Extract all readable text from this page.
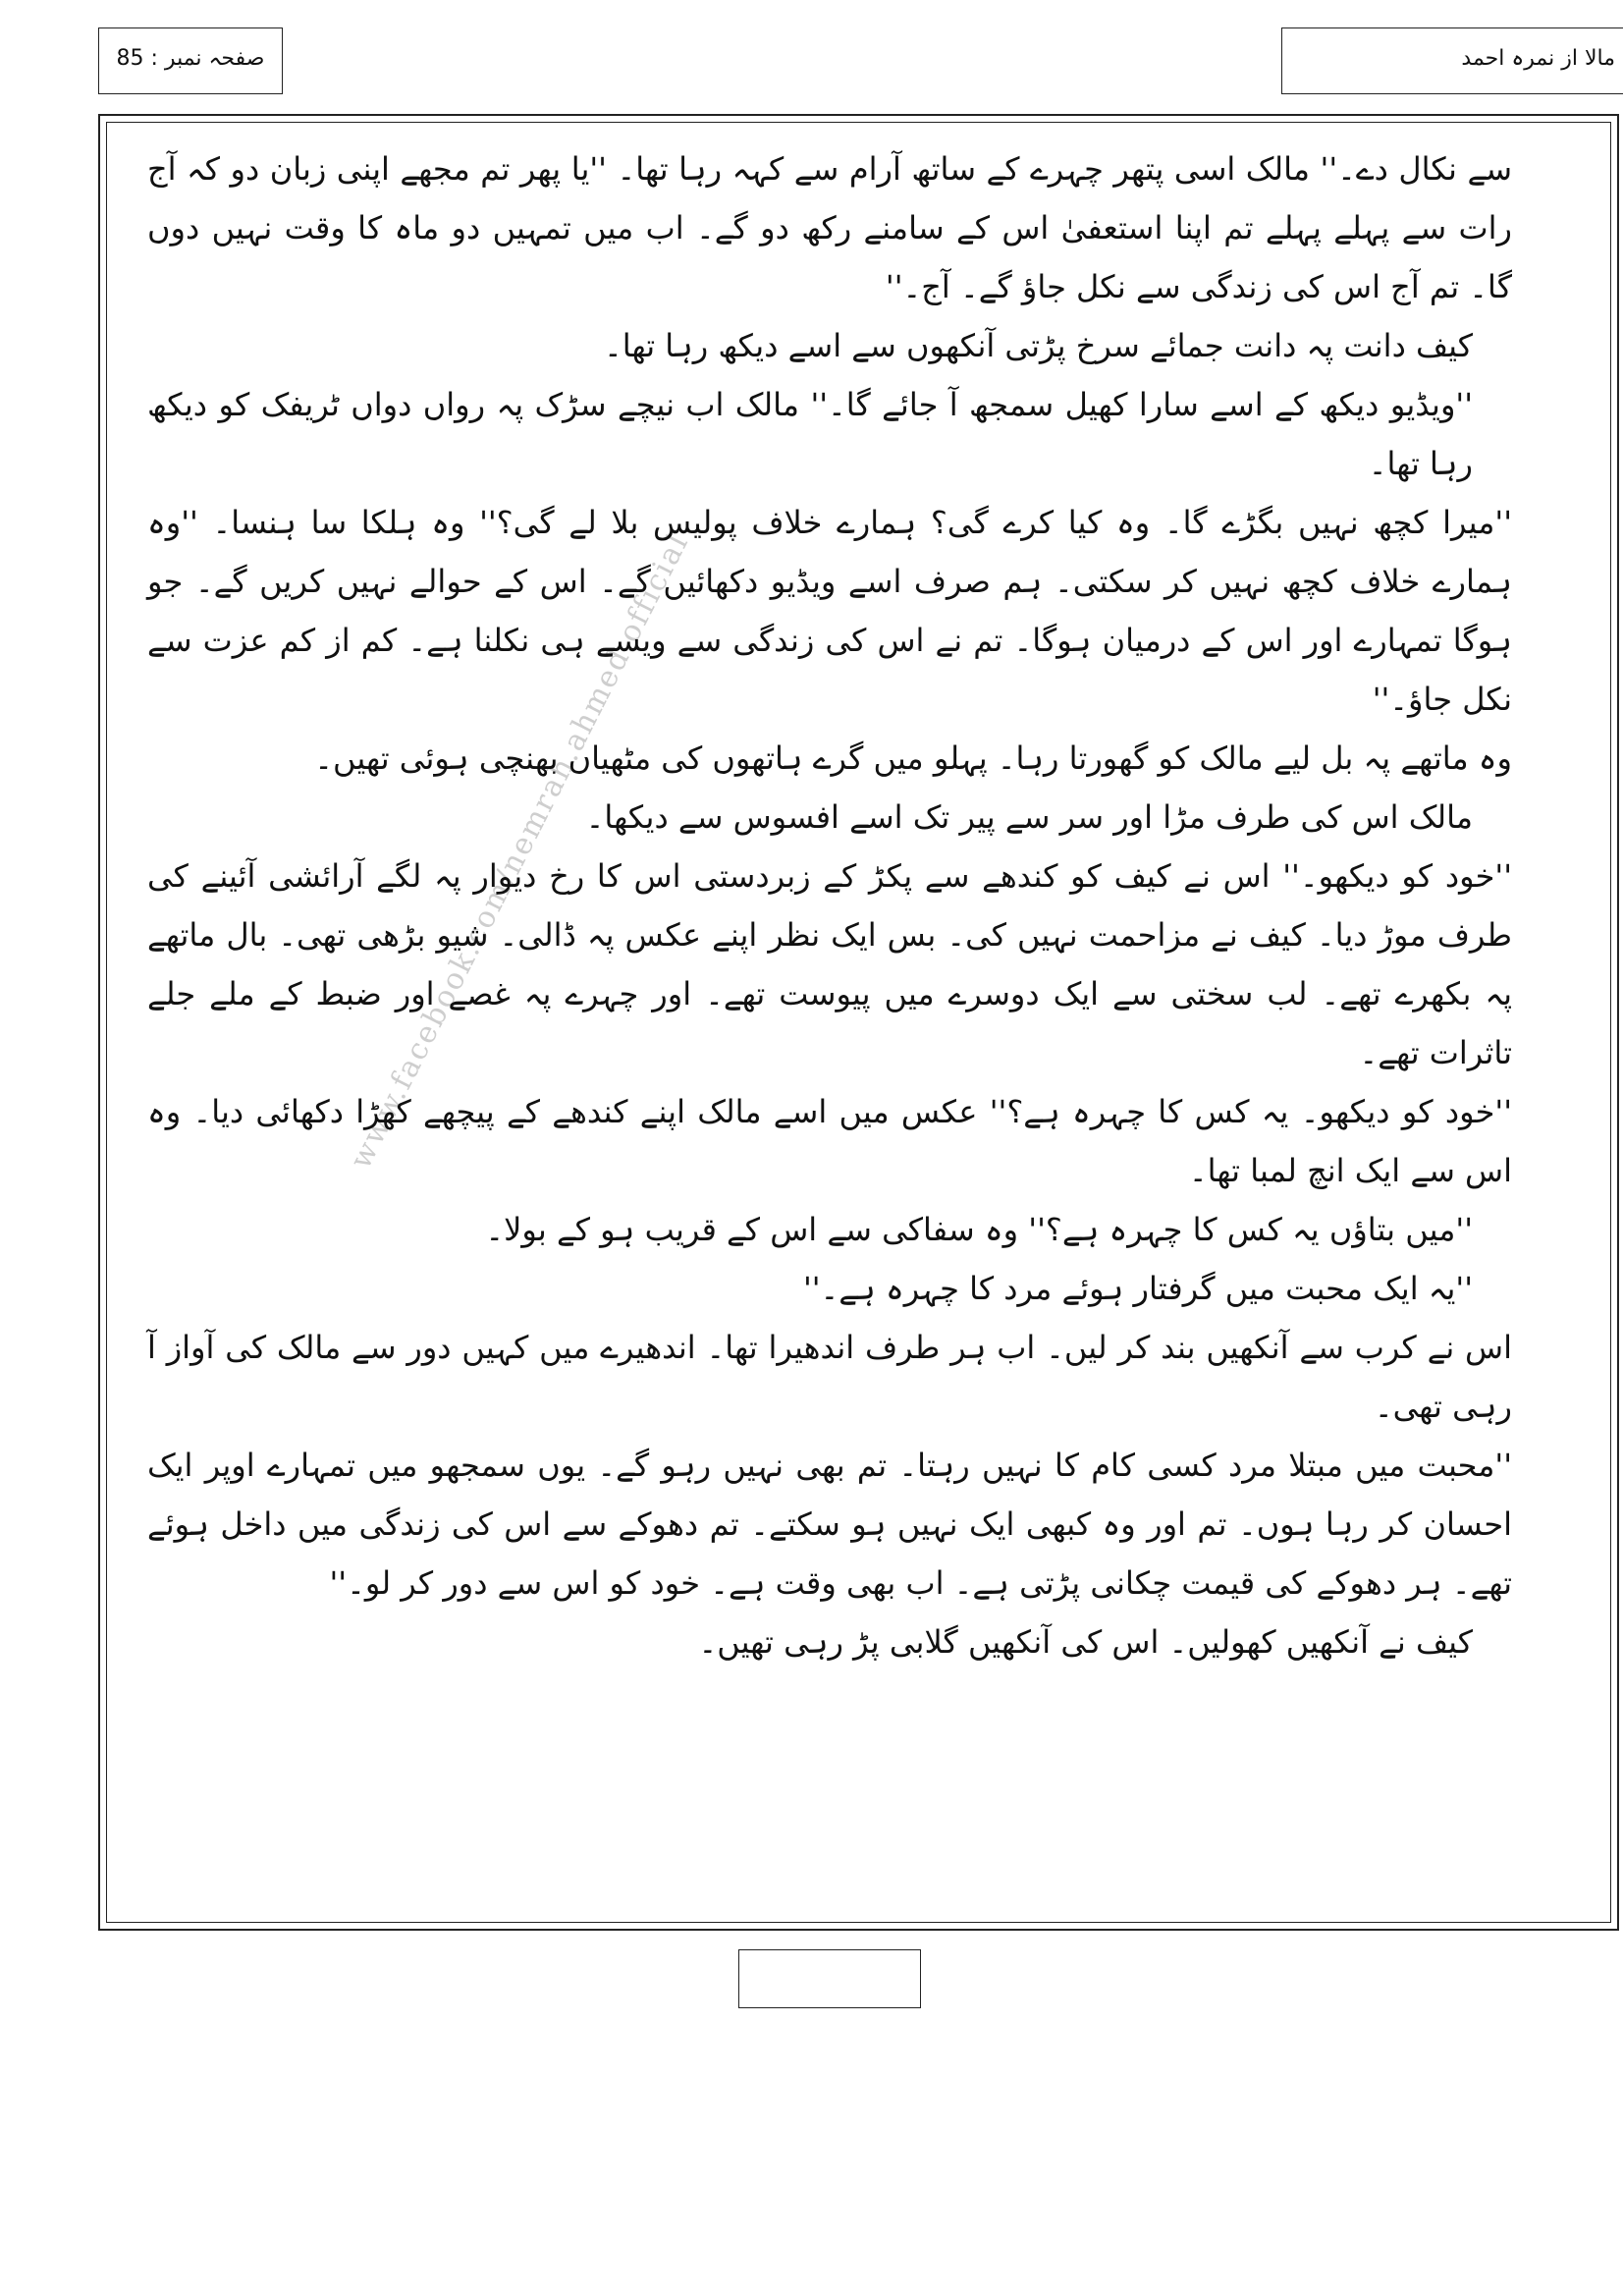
صفحہ نمبر : 85	مالا از نمرہ احمد
www.facebook.com/nemrah.ahmed.official

سے نکال دے۔'' مالک اسی پتھر چہرے کے ساتھ آرام سے کہہ رہا تھا۔ ''یا پھر تم مجھے اپنی زبان دو کہ آج رات سے پہلے پہلے تم اپنا استعفیٰ اس کے سامنے رکھ دو گے۔ اب میں تمہیں دو ماہ کا وقت نہیں دوں گا۔ تم آج اس کی زندگی سے نکل جاؤ گے۔ آج۔''

کیف دانت پہ دانت جمائے سرخ پڑتی آنکھوں سے اسے دیکھ رہا تھا۔

''ویڈیو دیکھ کے اسے سارا کھیل سمجھ آ جائے گا۔'' مالک اب نیچے سڑک پہ رواں دواں ٹریفک کو دیکھ رہا تھا۔

''میرا کچھ نہیں بگڑے گا۔ وہ کیا کرے گی؟ ہمارے خلاف پولیس بلا لے گی؟'' وہ ہلکا سا ہنسا۔ ''وہ ہمارے خلاف کچھ نہیں کر سکتی۔ ہم صرف اسے ویڈیو دکھائیں گے۔ اس کے حوالے نہیں کریں گے۔ جو ہوگا تمہارے اور اس کے درمیان ہوگا۔ تم نے اس کی زندگی سے ویسے ہی نکلنا ہے۔ کم از کم عزت سے نکل جاؤ۔''

وہ ماتھے پہ بل لیے مالک کو گھورتا رہا۔ پہلو میں گرے ہاتھوں کی مٹھیاں بھنچی ہوئی تھیں۔

مالک اس کی طرف مڑا اور سر سے پیر تک اسے افسوس سے دیکھا۔

''خود کو دیکھو۔'' اس نے کیف کو کندھے سے پکڑ کے زبردستی اس کا رخ دیوار پہ لگے آرائشی آئینے کی طرف موڑ دیا۔ کیف نے مزاحمت نہیں کی۔ بس ایک نظر اپنے عکس پہ ڈالی۔ شیو بڑھی تھی۔ بال ماتھے پہ بکھرے تھے۔ لب سختی سے ایک دوسرے میں پیوست تھے۔ اور چہرے پہ غصے اور ضبط کے ملے جلے تاثرات تھے۔

''خود کو دیکھو۔ یہ کس کا چہرہ ہے؟'' عکس میں اسے مالک اپنے کندھے کے پیچھے کھڑا دکھائی دیا۔ وہ اس سے ایک انچ لمبا تھا۔

''میں بتاؤں یہ کس کا چہرہ ہے؟'' وہ سفاکی سے اس کے قریب ہو کے بولا۔

''یہ ایک محبت میں گرفتار ہوئے مرد کا چہرہ ہے۔''

اس نے کرب سے آنکھیں بند کر لیں۔ اب ہر طرف اندھیرا تھا۔ اندھیرے میں کہیں دور سے مالک کی آواز آ رہی تھی۔

''محبت میں مبتلا مرد کسی کام کا نہیں رہتا۔ تم بھی نہیں رہو گے۔ یوں سمجھو میں تمہارے اوپر ایک احسان کر رہا ہوں۔ تم اور وہ کبھی ایک نہیں ہو سکتے۔ تم دھوکے سے اس کی زندگی میں داخل ہوئے تھے۔ ہر دھوکے کی قیمت چکانی پڑتی ہے۔ اب بھی وقت ہے۔ خود کو اس سے دور کر لو۔''

کیف نے آنکھیں کھولیں۔ اس کی آنکھیں گلابی پڑ رہی تھیں۔
